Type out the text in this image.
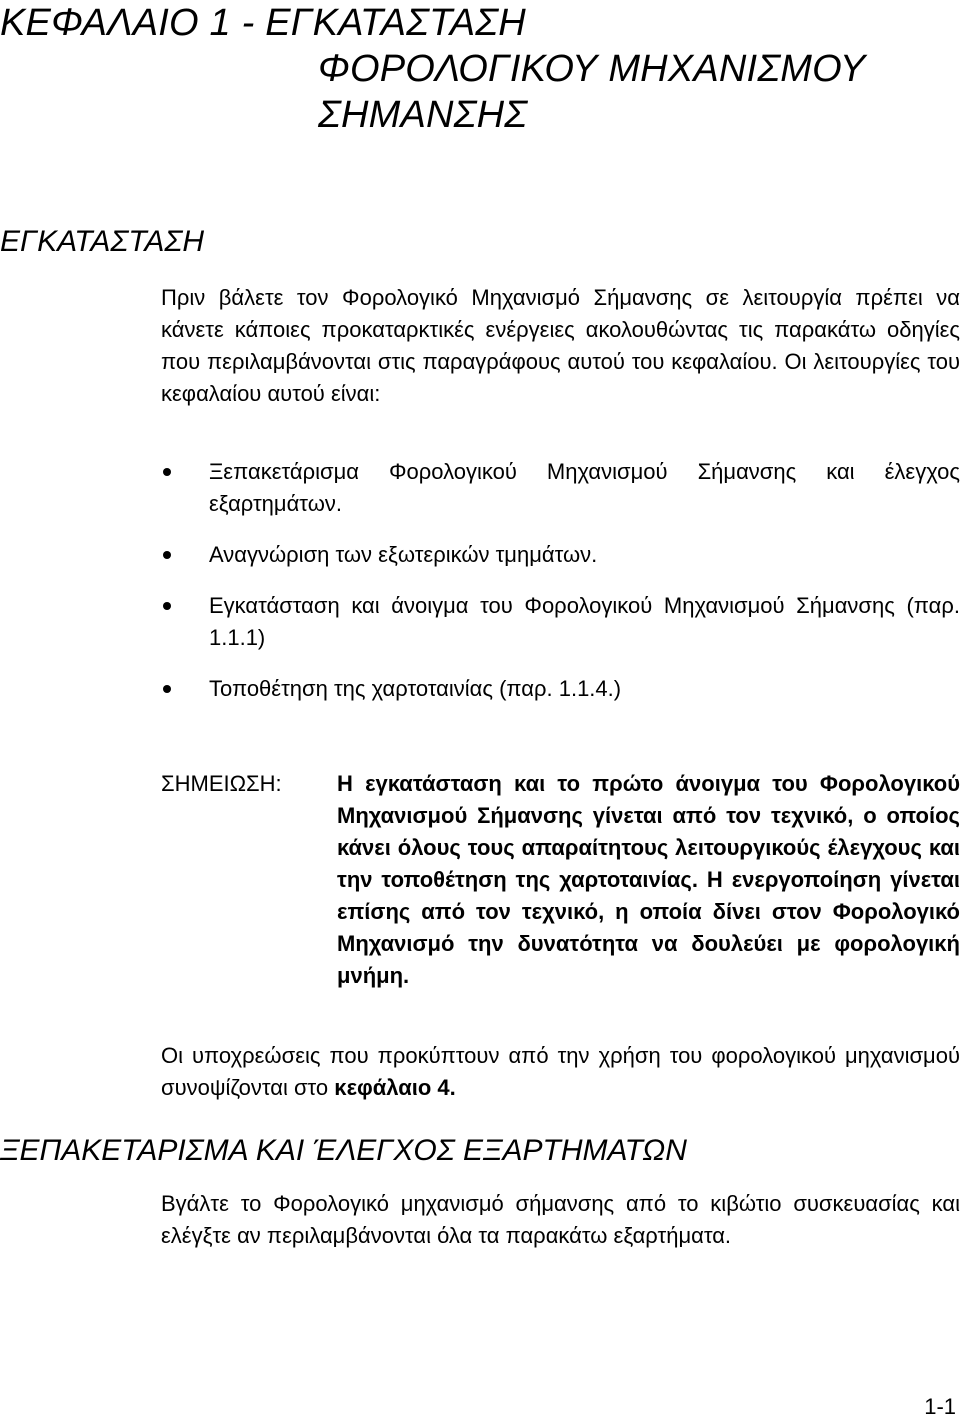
ΚΕΦΑΛΑΙΟ 1 - ΕΓΚΑΤΑΣΤΑΣΗ
ΦΟΡΟΛΟΓΙΚΟΥ ΜΗΧΑΝΙΣΜΟΥ
ΣΗΜΑΝΣΗΣ
ΕΓΚΑΤΑΣΤΑΣΗ

Πριν βάλετε τον Φορολογικό Μηχανισμό Σήμανσης σε λειτουργία πρέπει να κάνετε κάποιες προκαταρκτικές ενέργειες ακολουθώντας τις παρακάτω οδηγίες που περιλαμβάνονται στις παραγράφους αυτού του κεφαλαίου. Οι λειτουργίες του κεφαλαίου αυτού είναι:

Ξεπακετάρισμα Φορολογικού Μηχανισμού Σήμανσης και έλεγχος εξαρτημάτων.
Αναγνώριση των εξωτερικών τμημάτων.
Εγκατάσταση και άνοιγμα του Φορολογικού Μηχανισμού Σήμανσης (παρ. 1.1.1)
Τοποθέτηση της χαρτοταινίας (παρ. 1.1.4.)
ΣΗΜΕΙΩΣΗ:	Η εγκατάσταση και το πρώτο άνοιγμα του Φορολογικού Μηχανισμού Σήμανσης γίνεται από τον τεχνικό, ο οποίος κάνει όλους τους απαραίτητους λειτουργικούς έλεγχους και την τοποθέτηση της χαρτοταινίας. Η ενεργοποίηση γίνεται επίσης από τον τεχνικό, η οποία δίνει στον Φορολογικό Μηχανισμό την δυνατότητα να δουλεύει με φορολογική μνήμη.

Οι υποχρεώσεις που προκύπτουν από την χρήση του φορολογικού μηχανισμού συνοψίζονται στο κεφάλαιο 4.

ΞΕΠΑΚΕΤΑΡΙΣΜΑ ΚΑΙ ΈΛΕΓΧΟΣ ΕΞΑΡΤΗΜΑΤΩΝ

Βγάλτε το Φορολογικό μηχανισμό σήμανσης από το κιβώτιο συσκευασίας και ελέγξτε αν περιλαμβάνονται όλα τα παρακάτω εξαρτήματα.

1-1
